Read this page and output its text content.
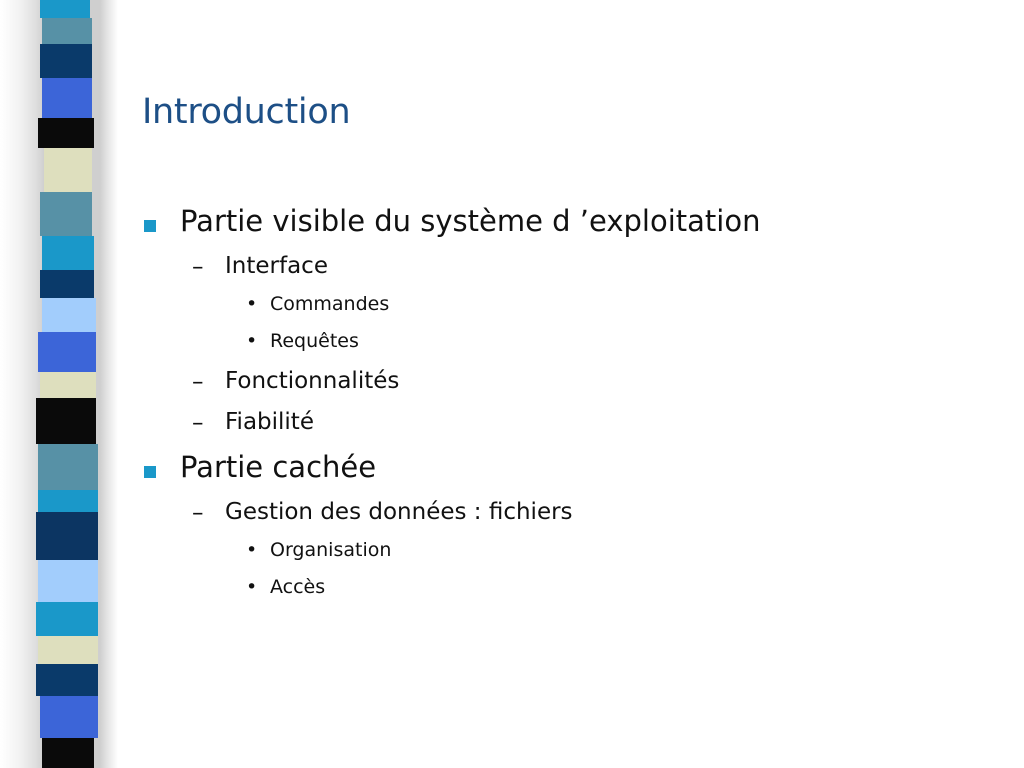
Introduction
Partie visible du système d ’exploitation
– Interface
• Commandes
• Requêtes
– Fonctionnalités
– Fiabilité
Partie cachée
– Gestion des données : fichiers
• Organisation
• Accès
